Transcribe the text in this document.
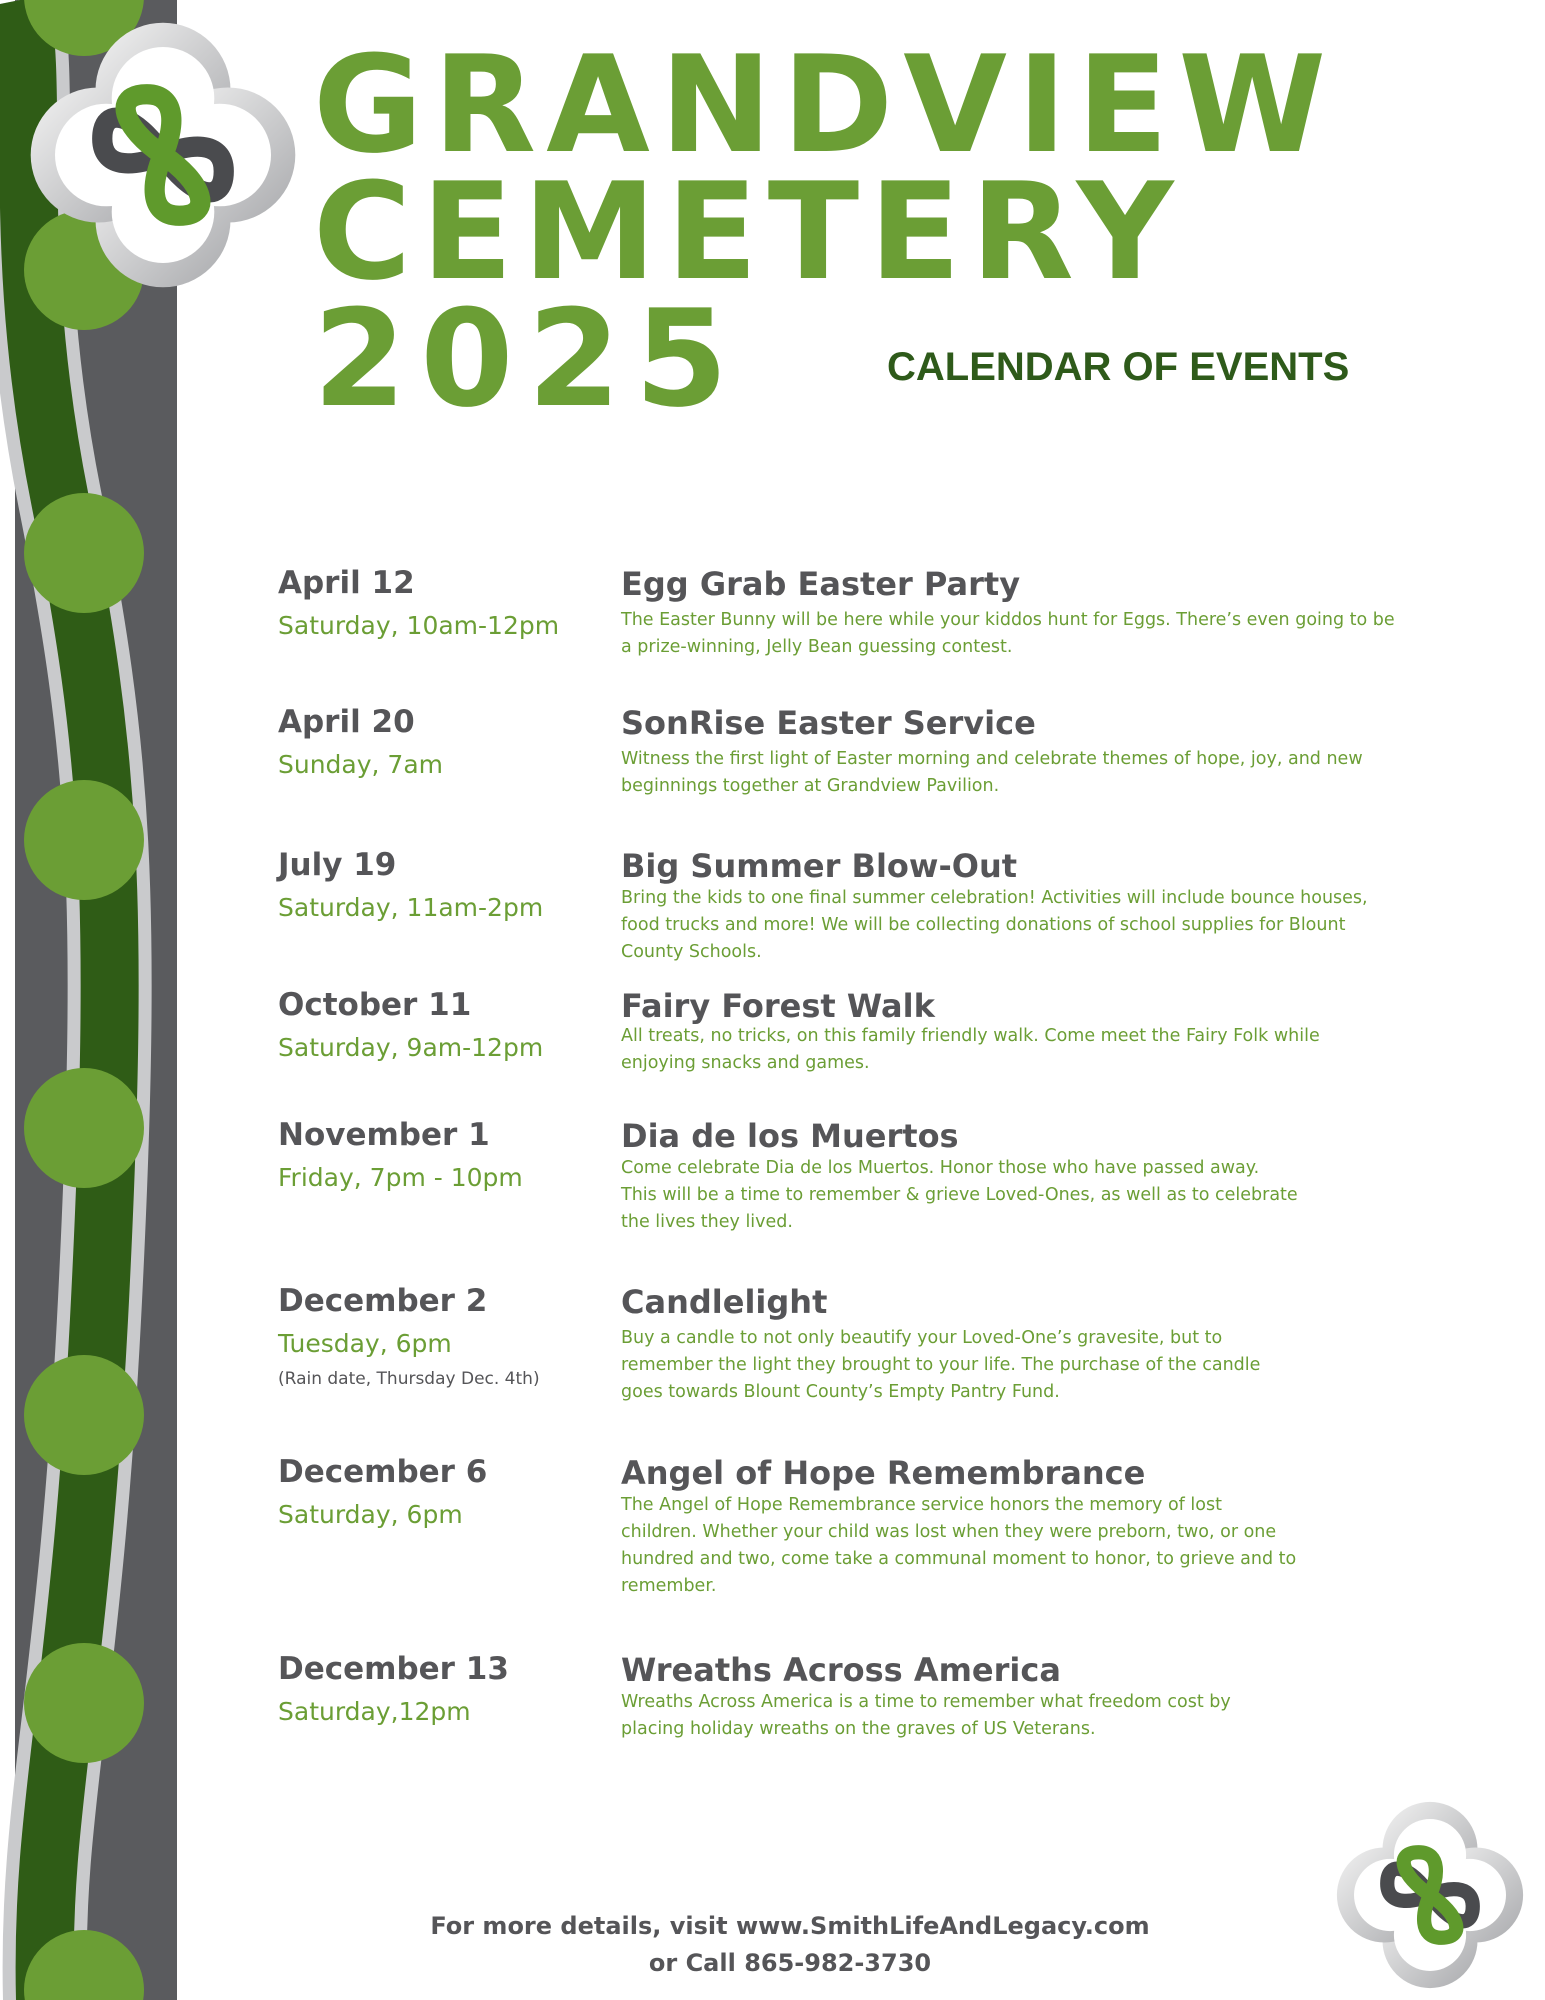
GRANDVIEW
CEMETERY
2025	CALENDAR OF EVENTS

April 12

Saturday, 10am-12pm

Egg Grab Easter Party

The Easter Bunny will be here while your kiddos hunt for Eggs. There’s even going to be
a prize-winning, Jelly Bean guessing contest.

April 20

Sunday, 7am

SonRise Easter Service

Witness the first light of Easter morning and celebrate themes of hope, joy, and new
beginnings together at Grandview Pavilion.

July 19

Saturday, 11am-2pm

Big Summer Blow-Out

Bring the kids to one final summer celebration! Activities will include bounce houses,
food trucks and more! We will be collecting donations of school supplies for Blount
County Schools.

October 11

Saturday, 9am-12pm

Fairy Forest Walk

All treats, no tricks, on this family friendly walk. Come meet the Fairy Folk while
enjoying snacks and games.

November 1

Friday, 7pm - 10pm

Dia de los Muertos

Come celebrate Dia de los Muertos. Honor those who have passed away.
This will be a time to remember & grieve Loved-Ones, as well as to celebrate
the lives they lived.

December 2

Tuesday, 6pm

(Rain date, Thursday Dec. 4th)

Candlelight

Buy a candle to not only beautify your Loved-One’s gravesite, but to
remember the light they brought to your life. The purchase of the candle
goes towards Blount County’s Empty Pantry Fund.

December 6

Saturday, 6pm

Angel of Hope Remembrance

The Angel of Hope Remembrance service honors the memory of lost
children. Whether your child was lost when they were preborn, two, or one
hundred and two, come take a communal moment to honor, to grieve and to
remember.

December 13

Saturday,12pm

Wreaths Across America

Wreaths Across America is a time to remember what freedom cost by
placing holiday wreaths on the graves of US Veterans.

For more details, visit www.SmithLifeAndLegacy.com
or Call 865-982-3730
